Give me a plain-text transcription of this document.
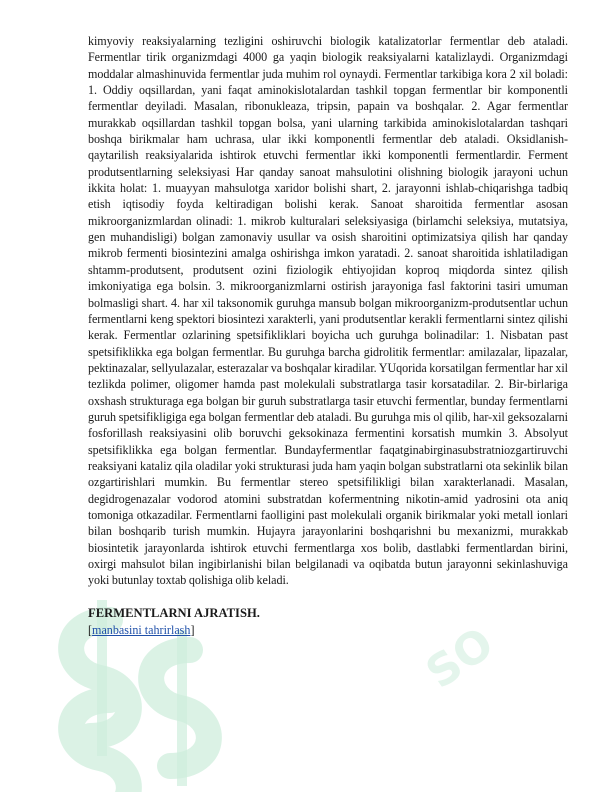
SO

kimyoviy reaksiyalarning tezligini oshiruvchi biologik katalizatorlar fermentlar deb ataladi. Fermentlar tirik organizmdagi 4000 ga yaqin biologik reaksiyalarni katalizlaydi. Organizmdagi moddalar almashinuvida fermentlar juda muhim rol oynaydi. Fermentlar tarkibiga kora 2 xil boladi: 1. Oddiy oqsillardan, yani faqat aminokislotalardan tashkil topgan fermentlar bir komponentli fermentlar deyiladi. Masalan, ribonukleaza, tripsin, papain va boshqalar. 2. Agar fermentlar murakkab oqsillardan tashkil topgan bolsa, yani ularning tarkibida aminokislotalardan tashqari boshqa birikmalar ham uchrasa, ular ikki komponentli fermentlar deb ataladi. Oksidlanish-qaytarilish reaksiyalarida ishtirok etuvchi fermentlar ikki komponentli fermentlardir. Ferment produtsentlarning seleksiyasi Har qanday sanoat mahsulotini olishning biologik jarayoni uchun ikkita holat: 1. muayyan mahsulotga xaridor bolishi shart, 2. jarayonni ishlab-chiqarishga tadbiq etish iqtisodiy foyda keltiradigan bolishi kerak. Sanoat sharoitida fermentlar asosan mikroorganizmlardan olinadi: 1. mikrob kulturalari seleksiyasiga (birlamchi seleksiya, mutatsiya, gen muhandisligi) bolgan zamonaviy usullar va osish sharoitini optimizatsiya qilish har qanday mikrob fermenti biosintezini amalga oshirishga imkon yaratadi. 2. sanoat sharoitida ishlatiladigan shtamm-produtsent, produtsent ozini fiziologik ehtiyojidan koproq miqdorda sintez qilish imkoniyatiga ega bolsin. 3. mikroorganizmlarni ostirish jarayoniga fasl faktorini tasiri umuman bolmasligi shart. 4. har xil taksonomik guruhga mansub bolgan mikroorganizm-produtsentlar uchun fermentlarni keng spektori biosintezi xarakterli, yani produtsentlar kerakli fermentlarni sintez qilishi kerak. Fermentlar ozlarining spetsifikliklari boyicha uch guruhga bolinadilar: 1. Nisbatan past spetsifiklikka ega bolgan fermentlar. Bu guruhga barcha gidrolitik fermentlar: amilazalar, lipazalar, pektinazalar, sellyulazalar, esterazalar va boshqalar kiradilar. YUqorida korsatilgan fermentlar har xil tezlikda polimer, oligomer hamda past molekulali substratlarga tasir korsatadilar. 2. Bir-birlariga oxshash strukturaga ega bolgan bir guruh substratlarga tasir etuvchi fermentlar, bunday fermentlarni guruh spetsifikligiga ega bolgan fermentlar deb ataladi. Bu guruhga mis ol qilib, har-xil geksozalarni fosforillash reaksiyasini olib boruvchi geksokinaza fermentini korsatish mumkin 3. Absolyut spetsifiklikka ega bolgan fermentlar. Bundayfermentlar faqatginabirginasubstratniozgartiruvchi reaksiyani kataliz qila oladilar yoki strukturasi juda ham yaqin bolgan substratlarni ota sekinlik bilan ozgartirishlari mumkin. Bu fermentlar stereo spetsifilikligi bilan xarakterlanadi. Masalan, degidrogenazalar vodorod atomini substratdan kofermentning nikotin-amid yadrosini ota aniq tomoniga otkazadilar. Fermentlarni faolligini past molekulali organik birikmalar yoki metall ionlari bilan boshqarib turish mumkin. Hujayra jarayonlarini boshqarishni bu mexanizmi, murakkab biosintetik jarayonlarda ishtirok etuvchi fermentlarga xos bolib, dastlabki fermentlardan birini, oxirgi mahsulot bilan ingibirlanishi bilan belgilanadi va oqibatda butun jarayonni sekinlashuviga yoki butunlay toxtab qolishiga olib keladi.

FERMENTLARNI AJRATISH.

[manbasini tahrirlash]
